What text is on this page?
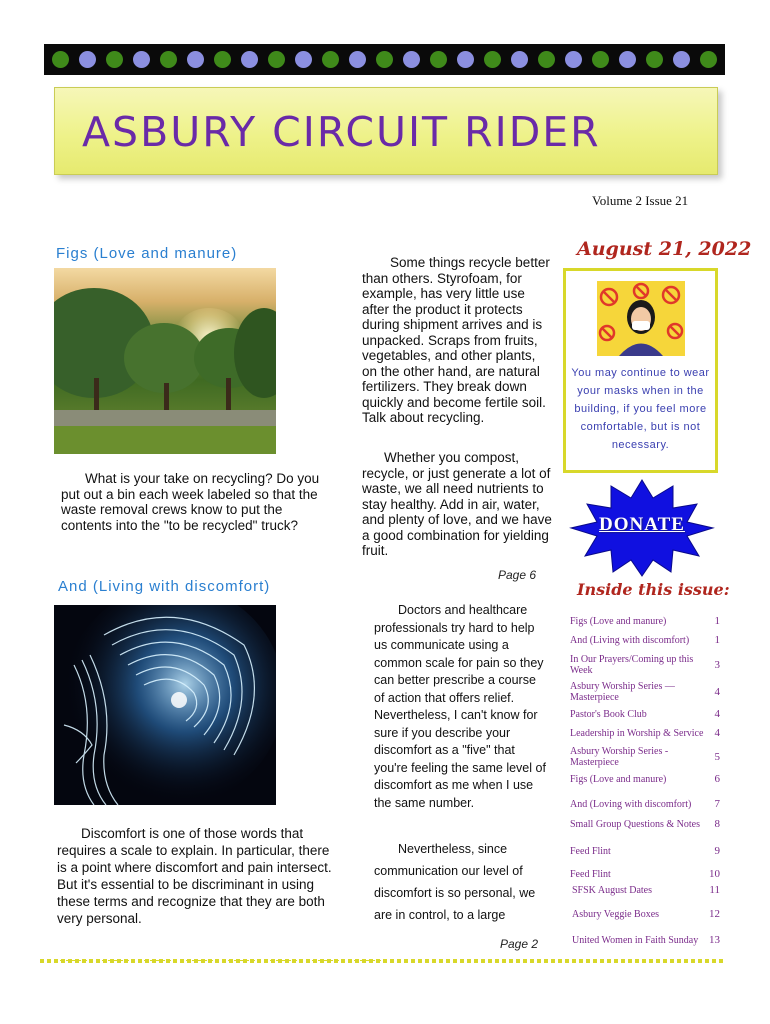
ASBURY CIRCUIT RIDER
Volume 2 Issue 21
Figs (Love and manure)
What is your take on recycling? Do you put out a bin each week labeled so that the waste removal crews know to put the contents into the "to be recycled" truck?
And (Living with discomfort)
Discomfort is one of those words that requires a scale to explain. In particular, there is a point where discomfort and pain intersect. But it's essential to be discriminant in using these terms and recognize that they are both very personal.
Some things recycle better than others. Styrofoam, for example, has very little use after the product it protects during shipment arrives and is unpacked. Scraps from fruits, vegetables, and other plants, on the other hand, are natural fertilizers. They break down quickly and become fertile soil. Talk about recycling.
Whether you compost, recycle, or just generate a lot of waste, we all need nutrients to stay healthy. Add in air, water, and plenty of love, and we have a good combination for yielding fruit.
Page 6
Doctors and healthcare professionals try hard to help us communicate using a common scale for pain so they can better prescribe a course of action that offers relief. Nevertheless, I can't know for sure if you describe your discomfort as a "five" that you're feeling the same level of discomfort as me when I use the same number.
Nevertheless, since communication our level of discomfort is so personal, we are in control, to a large
Page 2
August 21, 2022
You may continue to wear your masks when in the building, if you feel more comfortable, but is not necessary.
DONATE
Inside this issue:
Figs (Love and manure)	1
And (Living with discomfort) 1
In Our Prayers/Coming up this Week	3
Asbury Worship Series — Masterpiece	4
Pastor's Book Club	4
Leadership in Worship & Service 4
Asbury Worship Series - Masterpiece	5
Figs (Love and manure)	6
And (Loving with discomfort) 7
Small Group Questions & Notes 8
Feed Flint	9
Feed Flint	10
SFSK August Dates	11
Asbury Veggie Boxes	12
United Women in Faith Sunday 13
